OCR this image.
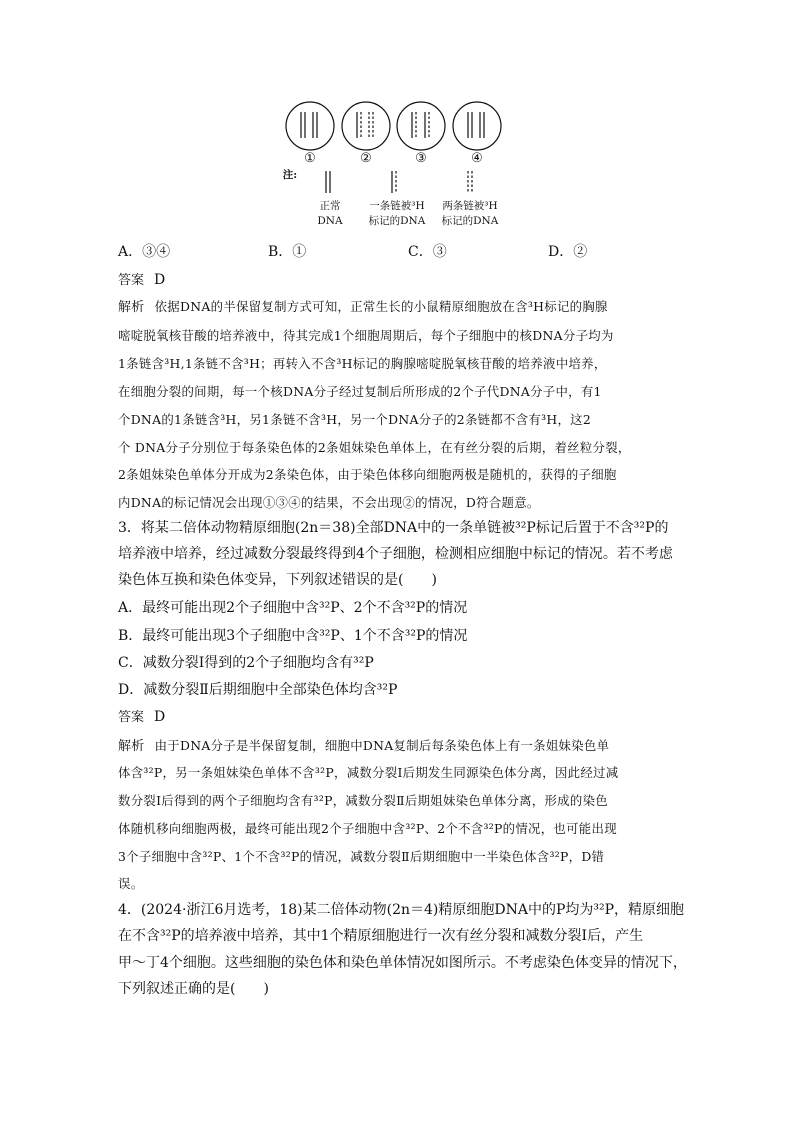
①	②	③	④
注:
正常
DNA
一条链被³H
标记的DNA
两条链被³H
标记的DNA
A．③④	B．①	C．③	D．②
答案 D
解析 依据DNA的半保留复制方式可知，正常生长的小鼠精原细胞放在含³H标记的胸腺
嘧啶脱氧核苷酸的培养液中，待其完成1个细胞周期后，每个子细胞中的核DNA分子均为
1条链含³H,1条链不含³H；再转入不含³H标记的胸腺嘧啶脱氧核苷酸的培养液中培养，
在细胞分裂的间期，每一个核DNA分子经过复制后所形成的2个子代DNA分子中，有1
个DNA的1条链含³H，另1条链不含³H，另一个DNA分子的2条链都不含有³H，这2
个 DNA分子分别位于每条染色体的2条姐妹染色单体上，在有丝分裂的后期，着丝粒分裂，
2条姐妹染色单体分开成为2条染色体，由于染色体移向细胞两极是随机的，获得的子细胞
内DNA的标记情况会出现①③④的结果，不会出现②的情况，D符合题意。
3．将某二倍体动物精原细胞(2n＝38)全部DNA中的一条单链被³²P标记后置于不含³²P的
培养液中培养，经过减数分裂最终得到4个子细胞，检测相应细胞中标记的情况。若不考虑
染色体互换和染色体变异，下列叙述错误的是(　　)
A．最终可能出现2个子细胞中含³²P、2个不含³²P的情况
B．最终可能出现3个子细胞中含³²P、1个不含³²P的情况
C．减数分裂Ⅰ得到的2个子细胞均含有³²P
D．减数分裂Ⅱ后期细胞中全部染色体均含³²P
答案 D
解析 由于DNA分子是半保留复制，细胞中DNA复制后每条染色体上有一条姐妹染色单
体含³²P，另一条姐妹染色单体不含³²P，减数分裂Ⅰ后期发生同源染色体分离，因此经过减
数分裂Ⅰ后得到的两个子细胞均含有³²P，减数分裂Ⅱ后期姐妹染色单体分离，形成的染色
体随机移向细胞两极，最终可能出现2个子细胞中含³²P、2个不含³²P的情况，也可能出现
3个子细胞中含³²P、1个不含³²P的情况，减数分裂Ⅱ后期细胞中一半染色体含³²P，D错
误。
4．(2024·浙江6月选考，18)某二倍体动物(2n＝4)精原细胞DNA中的P均为³²P，精原细胞
在不含³²P的培养液中培养，其中1个精原细胞进行一次有丝分裂和减数分裂Ⅰ后，产生
甲～丁4个细胞。这些细胞的染色体和染色单体情况如图所示。不考虑染色体变异的情况下，
下列叙述正确的是(　　)
